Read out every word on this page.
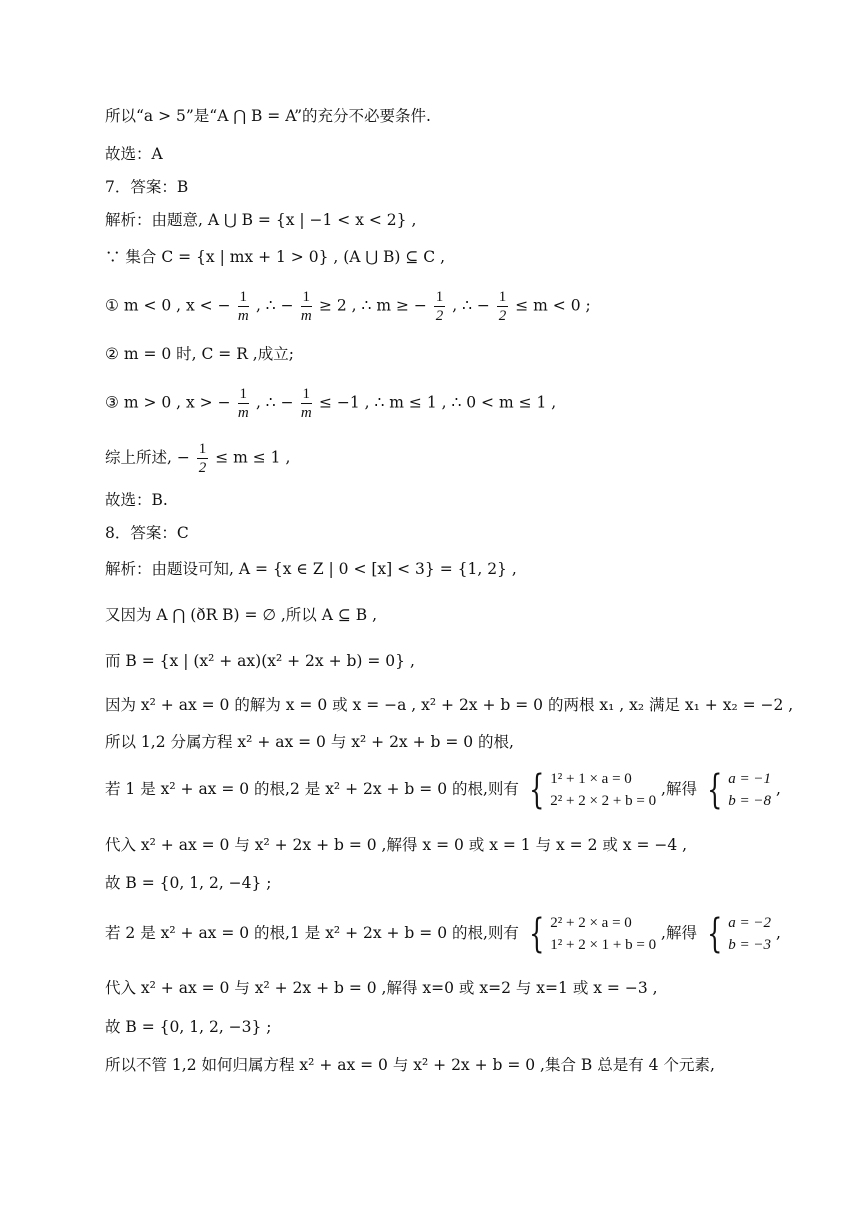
所以“a > 5”是“A ⋂ B = A”的充分不必要条件.
故选：A
7．答案：B
解析：由题意, A ⋃ B = {x | −1 < x < 2} ,
∵ 集合 C = {x | mx + 1 > 0} , (A ⋃ B) ⊆ C ,
① m < 0 , x < − $\frac{1}{m}$ , ∴ − $\frac{1}{m} \ge 2$ , ∴ m ≥ − $\frac{1}{2}$ , ∴ − $\frac{1}{2} \le m < 0$ ;
② m = 0 时, C = R ,成立;
③ m > 0 , x > − $\frac{1}{m}$ , ∴ − $\frac{1}{m} \le -1$ , ∴ m ≤ 1 , ∴ 0 < m ≤ 1 ,
综上所述, − $\frac{1}{2} \le m \le 1$ ,
故选：B.
8．答案：C
解析：由题设可知, A = {x ∈ Z | 0 < [x] < 3} = {1, 2} ,
又因为 A ⋂ (ðR B) = ∅ ,所以 A ⊆ B ,
而 B = {x | (x² + ax)(x² + 2x + b) = 0} ,
因为 x² + ax = 0 的解为 x = 0 或 x = −a , x² + 2x + b = 0 的两根 x₁ , x₂ 满足 x₁ + x₂ = −2 ,
所以 1,2 分属方程 x² + ax = 0 与 x² + 2x + b = 0 的根,
若 1 是 x² + ax = 0 的根,2 是 x² + 2x + b = 0 的根,则有 { 1² + 1 × a = 0
2² + 2 × 2 + b = 0
,解得 { a = −1
b = −8
,
代入 x² + ax = 0 与 x² + 2x + b = 0 ,解得 x = 0 或 x = 1 与 x = 2 或 x = −4 ,
故 B = {0, 1, 2, −4} ;
若 2 是 x² + ax = 0 的根,1 是 x² + 2x + b = 0 的根,则有 { 2² + 2 × a = 0
1² + 2 × 1 + b = 0
,解得 { a = −2
b = −3
,
代入 x² + ax = 0 与 x² + 2x + b = 0 ,解得 x=0 或 x=2 与 x=1 或 x = −3 ,
故 B = {0, 1, 2, −3} ;
所以不管 1,2 如何归属方程 x² + ax = 0 与 x² + 2x + b = 0 ,集合 B 总是有 4 个元素,
